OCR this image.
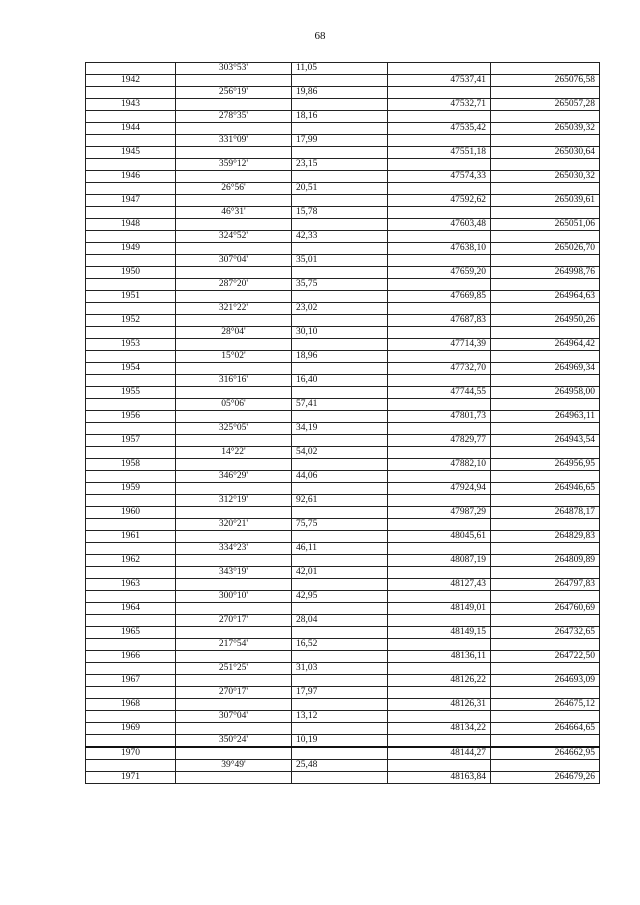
68
	303°53'	11,05		
1942			47537,41	265076,58
	256°19'	19,86		
1943			47532,71	265057,28
	278°35'	18,16		
1944			47535,42	265039,32
	331°09'	17,99		
1945			47551,18	265030,64
	359°12'	23,15		
1946			47574,33	265030,32
	26°56'	20,51		
1947			47592,62	265039,61
	46°31'	15,78		
1948			47603,48	265051,06
	324°52'	42,33		
1949			47638,10	265026,70
	307°04'	35,01		
1950			47659,20	264998,76
	287°20'	35,75		
1951			47669,85	264964,63
	321°22'	23,02		
1952			47687,83	264950,26
	28°04'	30,10		
1953			47714,39	264964,42
	15°02'	18,96		
1954			47732,70	264969,34
	316°16'	16,40		
1955			47744,55	264958,00
	05°06'	57,41		
1956			47801,73	264963,11
	325°05'	34,19		
1957			47829,77	264943,54
	14°22'	54,02		
1958			47882,10	264956,95
	346°29'	44,06		
1959			47924,94	264946,65
	312°19'	92,61		
1960			47987,29	264878,17
	320°21'	75,75		
1961			48045,61	264829,83
	334°23'	46,11		
1962			48087,19	264809,89
	343°19'	42,01		
1963			48127,43	264797,83
	300°10'	42,95		
1964			48149,01	264760,69
	270°17'	28,04		
1965			48149,15	264732,65
	217°54'	16,52		
1966			48136,11	264722,50
	251°25'	31,03		
1967			48126,22	264693,09
	270°17'	17,97		
1968			48126,31	264675,12
	307°04'	13,12		
1969			48134,22	264664,65
	350°24'	10,19		
1970			48144,27	264662,95
	39°49'	25,48		
1971			48163,84	264679,26
